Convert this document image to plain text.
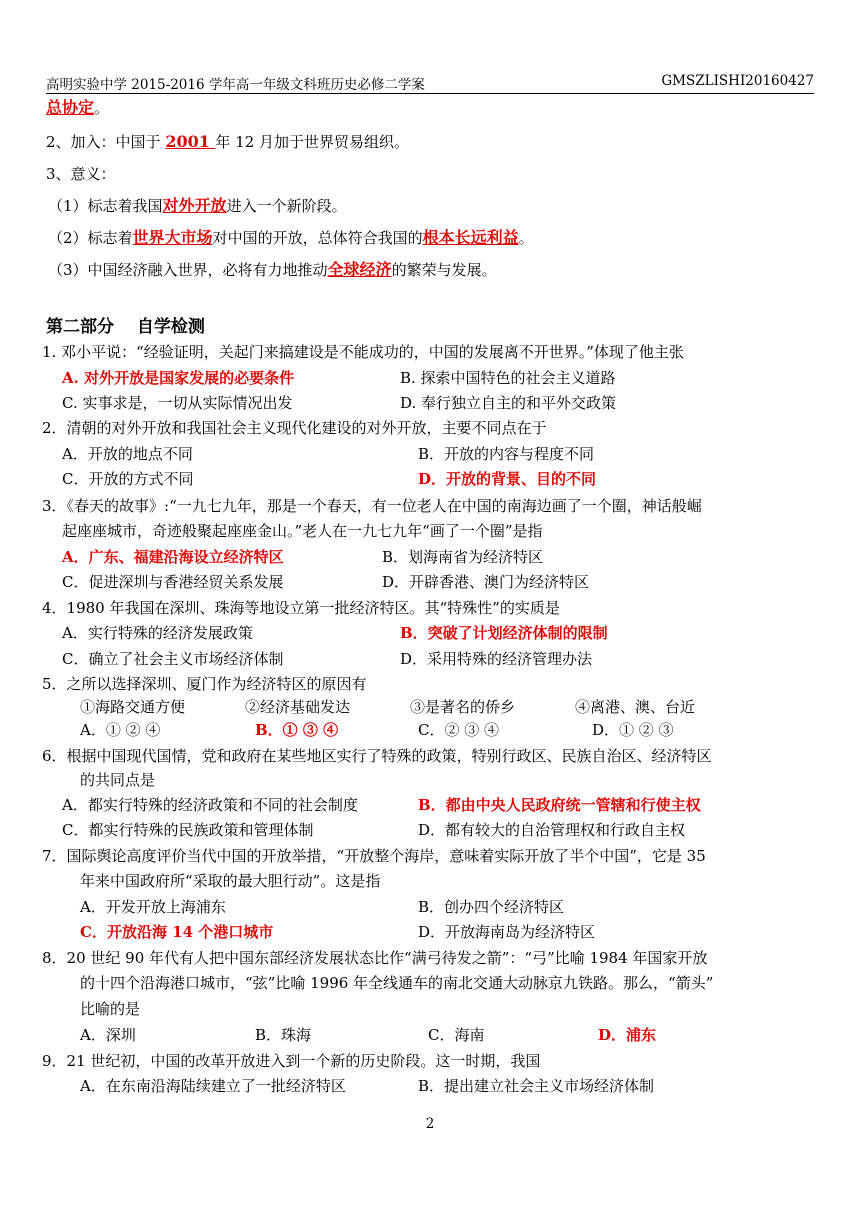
高明实验中学 2015-2016 学年高一年级文科班历史必修二学案	GMSZLISHI20160427
总协定。
2、加入：中国于 2001 年 12 月加于世界贸易组织。
3、意义：
（1）标志着我国对外开放进入一个新阶段。
（2）标志着世界大市场对中国的开放，总体符合我国的根本长远利益。
（3）中国经济融入世界，必将有力地推动全球经济的繁荣与发展。
第二部分　 自学检测
1. 邓小平说：“经验证明，关起门来搞建设是不能成功的，中国的发展离不开世界。”体现了他主张
A. 对外开放是国家发展的必要条件	B. 探索中国特色的社会主义道路
C. 实事求是，一切从实际情况出发	D. 奉行独立自主的和平外交政策
2．清朝的对外开放和我国社会主义现代化建设的对外开放，主要不同点在于
A．开放的地点不同	B．开放的内容与程度不同
C．开放的方式不同	D．开放的背景、目的不同
3．《春天的故事》:“一九七九年，那是一个春天，有一位老人在中国的南海边画了一个圈，神话般崛
起座座城市，奇迹般聚起座座金山。”老人在一九七九年“画了一个圈”是指
A．广东、福建沿海设立经济特区	B．划海南省为经济特区
C．促进深圳与香港经贸关系发展	D．开辟香港、澳门为经济特区
4．1980 年我国在深圳、珠海等地设立第一批经济特区。其“特殊性”的实质是
A．实行特殊的经济发展政策	B．突破了计划经济体制的限制
C．确立了社会主义市场经济体制	D．采用特殊的经济管理办法
5．之所以选择深圳、厦门作为经济特区的原因有
①海路交通方便	②经济基础发达	③是著名的侨乡	④离港、澳、台近
A．① ② ④	B．① ③ ④	C．② ③ ④	D．① ② ③
6．根据中国现代国情，党和政府在某些地区实行了特殊的政策，特别行政区、民族自治区、经济特区
的共同点是
A．都实行特殊的经济政策和不同的社会制度	B．都由中央人民政府统一管辖和行使主权
C．都实行特殊的民族政策和管理体制	D．都有较大的自治管理权和行政自主权
7．国际舆论高度评价当代中国的开放举措，“开放整个海岸，意味着实际开放了半个中国”，它是 35
年来中国政府所“采取的最大胆行动”。这是指
A．开发开放上海浦东	B．创办四个经济特区
C．开放沿海 14 个港口城市	D．开放海南岛为经济特区
8．20 世纪 90 年代有人把中国东部经济发展状态比作“满弓待发之箭”：“弓”比喻 1984 年国家开放
的十四个沿海港口城市，“弦”比喻 1996 年全线通车的南北交通大动脉京九铁路。那么，“箭头”
比喻的是
A．深圳	B．珠海	C．海南	D．浦东
9．21 世纪初，中国的改革开放进入到一个新的历史阶段。这一时期，我国
A．在东南沿海陆续建立了一批经济特区	B．提出建立社会主义市场经济体制
2
